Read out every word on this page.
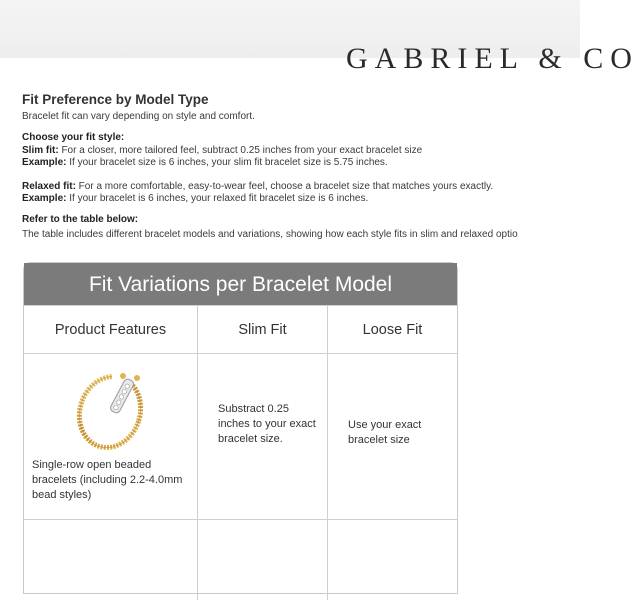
GABRIEL & CO
Fit Preference by Model Type
Bracelet fit can vary depending on style and comfort.
Choose your fit style:
Slim fit: For a closer, more tailored feel, subtract 0.25 inches from your exact bracelet size
Example: If your bracelet size is 6 inches, your slim fit bracelet size is 5.75 inches.
Relaxed fit: For a more comfortable, easy-to-wear feel, choose a bracelet size that matches yours exactly.
Example: If your bracelet is 6 inches, your relaxed fit bracelet size is 6 inches.
Refer to the table below:
The table includes different bracelet models and variations, showing how each style fits in slim and relaxed optio
Fit Variations per Bracelet Model
Product Features	Slim Fit	Loose Fit
Single-row open beaded bracelets (including 2.2-4.0mm bead styles)
Substract 0.25 inches to your exact bracelet size.
Use your exact bracelet size
